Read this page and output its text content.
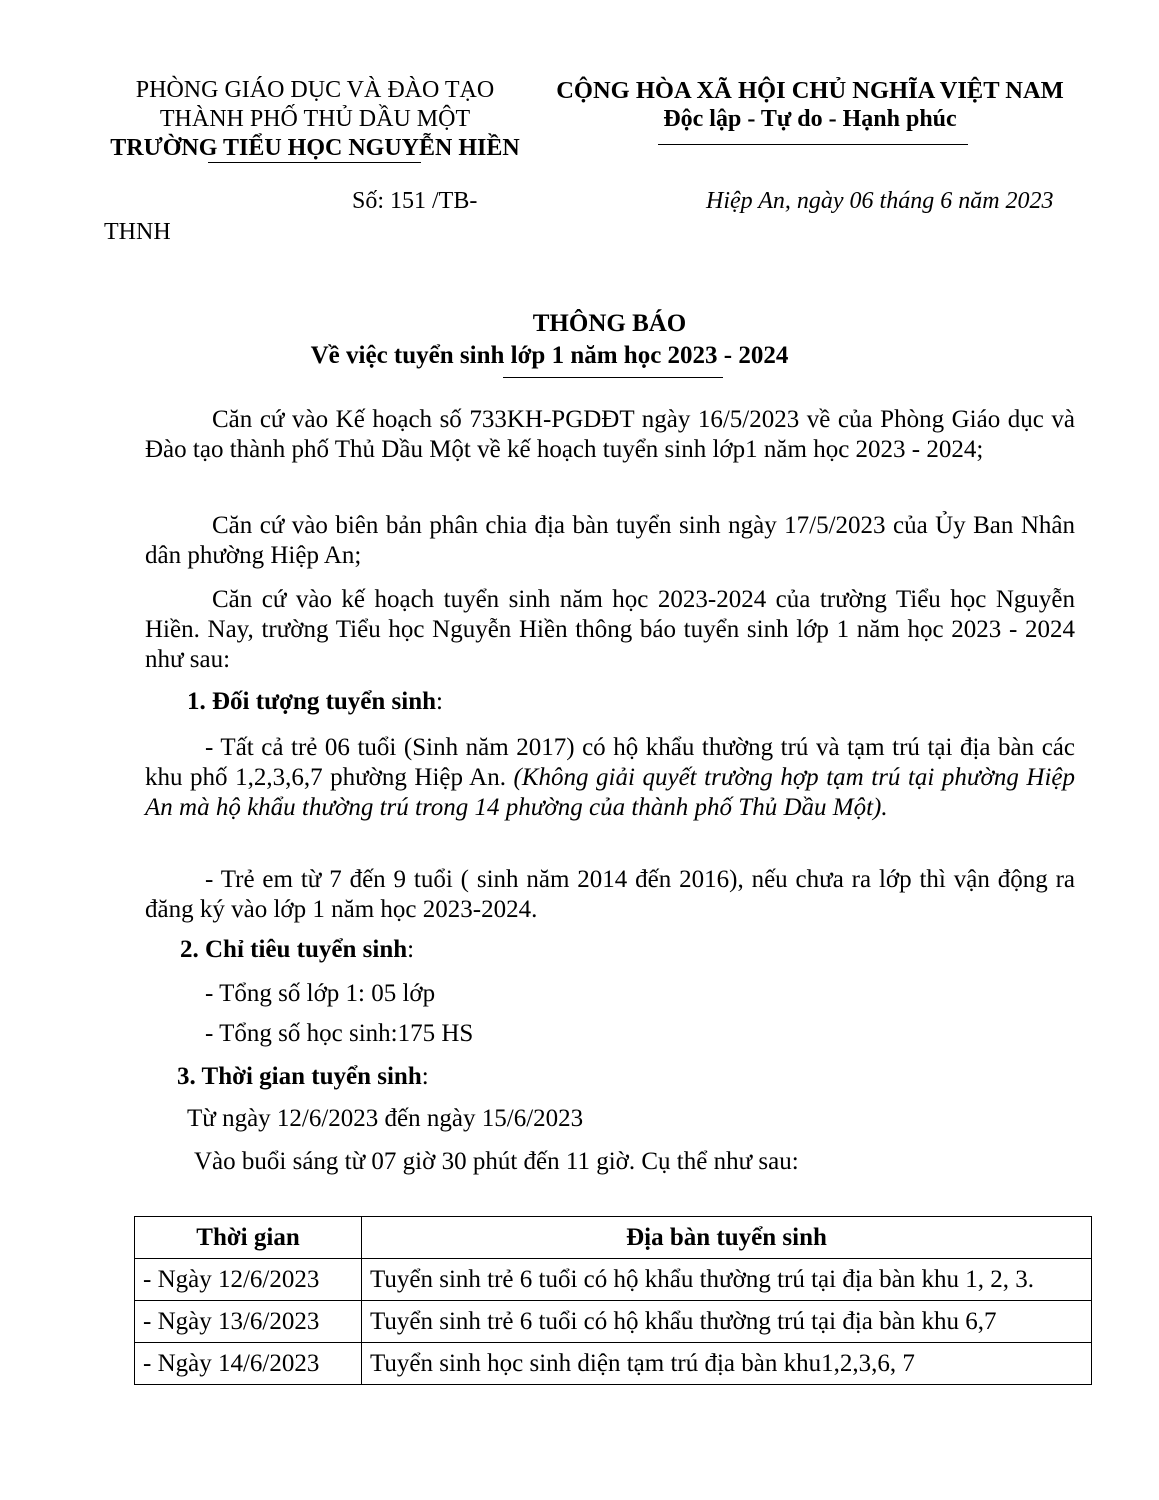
PHÒNG GIÁO DỤC VÀ ĐÀO TẠO
THÀNH PHỐ THỦ DẦU MỘT
TRƯỜNG TIỂU HỌC NGUYỄN HIỀN
CỘNG HÒA XÃ HỘI CHỦ NGHĨA VIỆT NAM
Độc lập - Tự do - Hạnh phúc
Số: 151 /TB-
THNH
Hiệp An, ngày 06 tháng 6 năm 2023
THÔNG BÁO
Về việc tuyển sinh lớp 1 năm học 2023 - 2024
Căn cứ vào Kế hoạch số 733KH-PGDĐT ngày 16/5/2023 về của Phòng Giáo dục và Đào tạo thành phố Thủ Dầu Một về kế hoạch tuyển sinh lớp1 năm học 2023 - 2024;
Căn cứ vào biên bản phân chia địa bàn tuyển sinh ngày 17/5/2023 của Ủy Ban Nhân dân phường Hiệp An;
Căn cứ vào kế hoạch tuyển sinh năm học 2023-2024 của trường Tiểu học Nguyễn Hiền. Nay, trường Tiểu học Nguyễn Hiền thông báo tuyển sinh lớp 1 năm học 2023 - 2024 như sau:
1. Đối tượng tuyển sinh:
- Tất cả trẻ 06 tuổi (Sinh năm 2017) có hộ khẩu thường trú và tạm trú tại địa bàn các khu phố 1,2,3,6,7 phường Hiệp An. (Không giải quyết trường hợp tạm trú tại phường Hiệp An mà hộ khẩu thường trú trong 14 phường của thành phố Thủ Dầu Một).
- Trẻ em từ 7 đến 9 tuổi ( sinh năm 2014 đến 2016), nếu chưa ra lớp thì vận động ra đăng ký vào lớp 1 năm học 2023-2024.
2. Chỉ tiêu tuyển sinh:
- Tổng số lớp 1: 05 lớp
- Tổng số học sinh:175 HS
3. Thời gian tuyển sinh:
Từ ngày 12/6/2023 đến ngày 15/6/2023
Vào buổi sáng từ 07 giờ 30 phút đến 11 giờ. Cụ thể như sau:
Thời gian	Địa bàn tuyển sinh
- Ngày 12/6/2023	Tuyển sinh trẻ 6 tuổi có hộ khẩu thường trú tại địa bàn khu 1, 2, 3.
- Ngày 13/6/2023	Tuyển sinh trẻ 6 tuổi có hộ khẩu thường trú tại địa bàn khu 6,7
- Ngày 14/6/2023	Tuyển sinh học sinh diện tạm trú địa bàn khu1,2,3,6, 7
